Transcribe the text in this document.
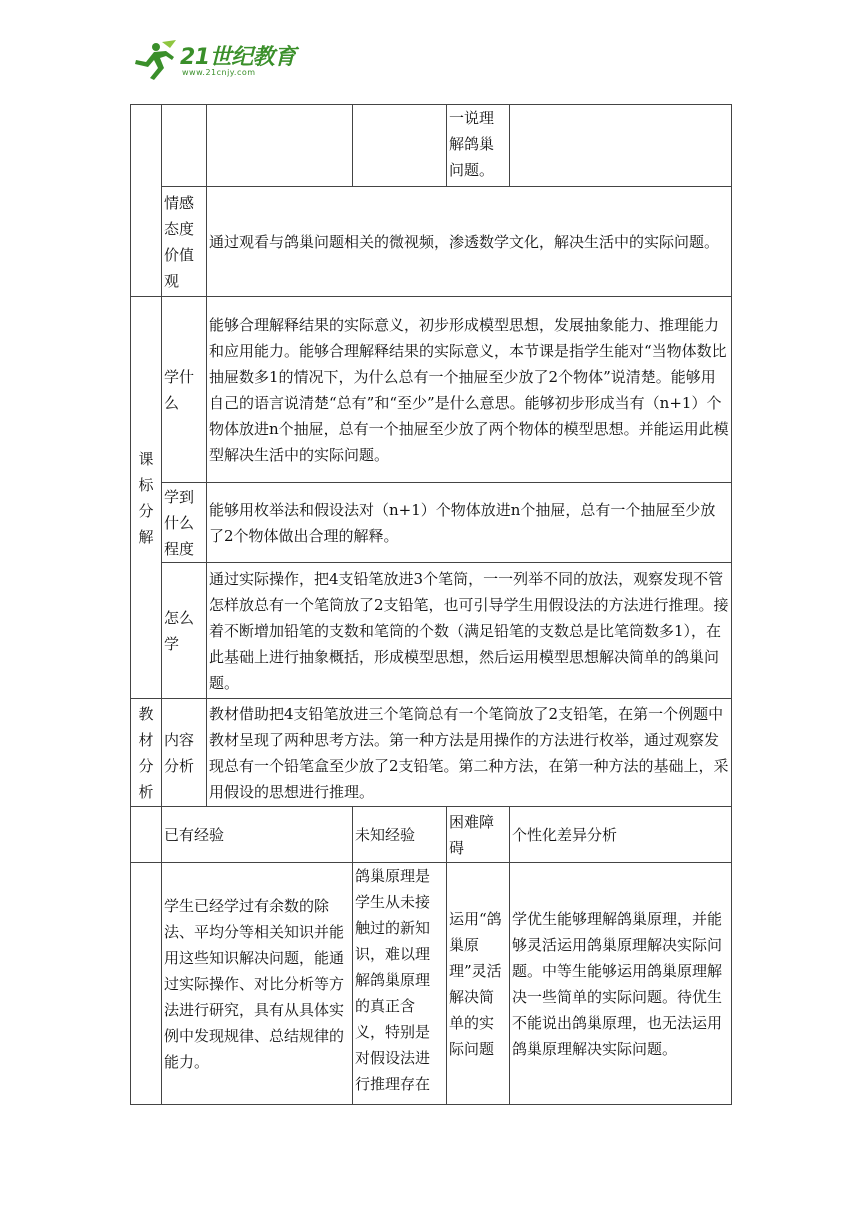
21世纪教育
www.21cnjy.com
				一说理解鸽巢问题。	
	情感态度价值观	通过观看与鸽巢问题相关的微视频，渗透数学文化，解决生活中的实际问题。			

课
标
分
解	学什么	能够合理解释结果的实际意义，初步形成模型思想，发展抽象能力、推理能力和应用能力。能够合理解释结果的实际意义，本节课是指学生能对“当物体数比抽屉数多1的情况下，为什么总有一个抽屉至少放了2个物体”说清楚。能够用自己的语言说清楚“总有”和“至少”是什么意思。能够初步形成当有（n+1）个物体放进n个抽屉，总有一个抽屉至少放了两个物体的模型思想。并能运用此模型解决生活中的实际问题。			
	学到什么程度	能够用枚举法和假设法对（n+1）个物体放进n个抽屉，总有一个抽屉至少放了2个物体做出合理的解释。			
	怎么学	通过实际操作，把4支铅笔放进3个笔筒，一一列举不同的放法，观察发现不管怎样放总有一个笔筒放了2支铅笔，也可引导学生用假设法的方法进行推理。接着不断增加铅笔的支数和笔筒的个数（满足铅笔的支数总是比笔筒数多1），在此基础上进行抽象概括，形成模型思想，然后运用模型思想解决简单的鸽巢问题。			

教
材
分
析	内容分析	教材借助把4支铅笔放进三个笔筒总有一个笔筒放了2支铅笔，在第一个例题中教材呈现了两种思考方法。第一种方法是用操作的方法进行枚举，通过观察发现总有一个铅笔盒至少放了2支铅笔。第二种方法，在第一种方法的基础上，采用假设的思想进行推理。			
	已有经验		未知经验	困难障碍	个性化差异分析
	学生已经学过有余数的除法、平均分等相关知识并能用这些知识解决问题，能通过实际操作、对比分析等方法进行研究，具有从具体实例中发现规律、总结规律的能力。		鸽巢原理是学生从未接触过的新知识，难以理解鸽巢原理的真正含义，特别是对假设法进行推理存在	运用“鸽巢原理”灵活解决简单的实际问题	学优生能够理解鸽巢原理，并能够灵活运用鸽巢原理解决实际问题。中等生能够运用鸽巢原理解决一些简单的实际问题。待优生不能说出鸽巢原理，也无法运用鸽巢原理解决实际问题。
